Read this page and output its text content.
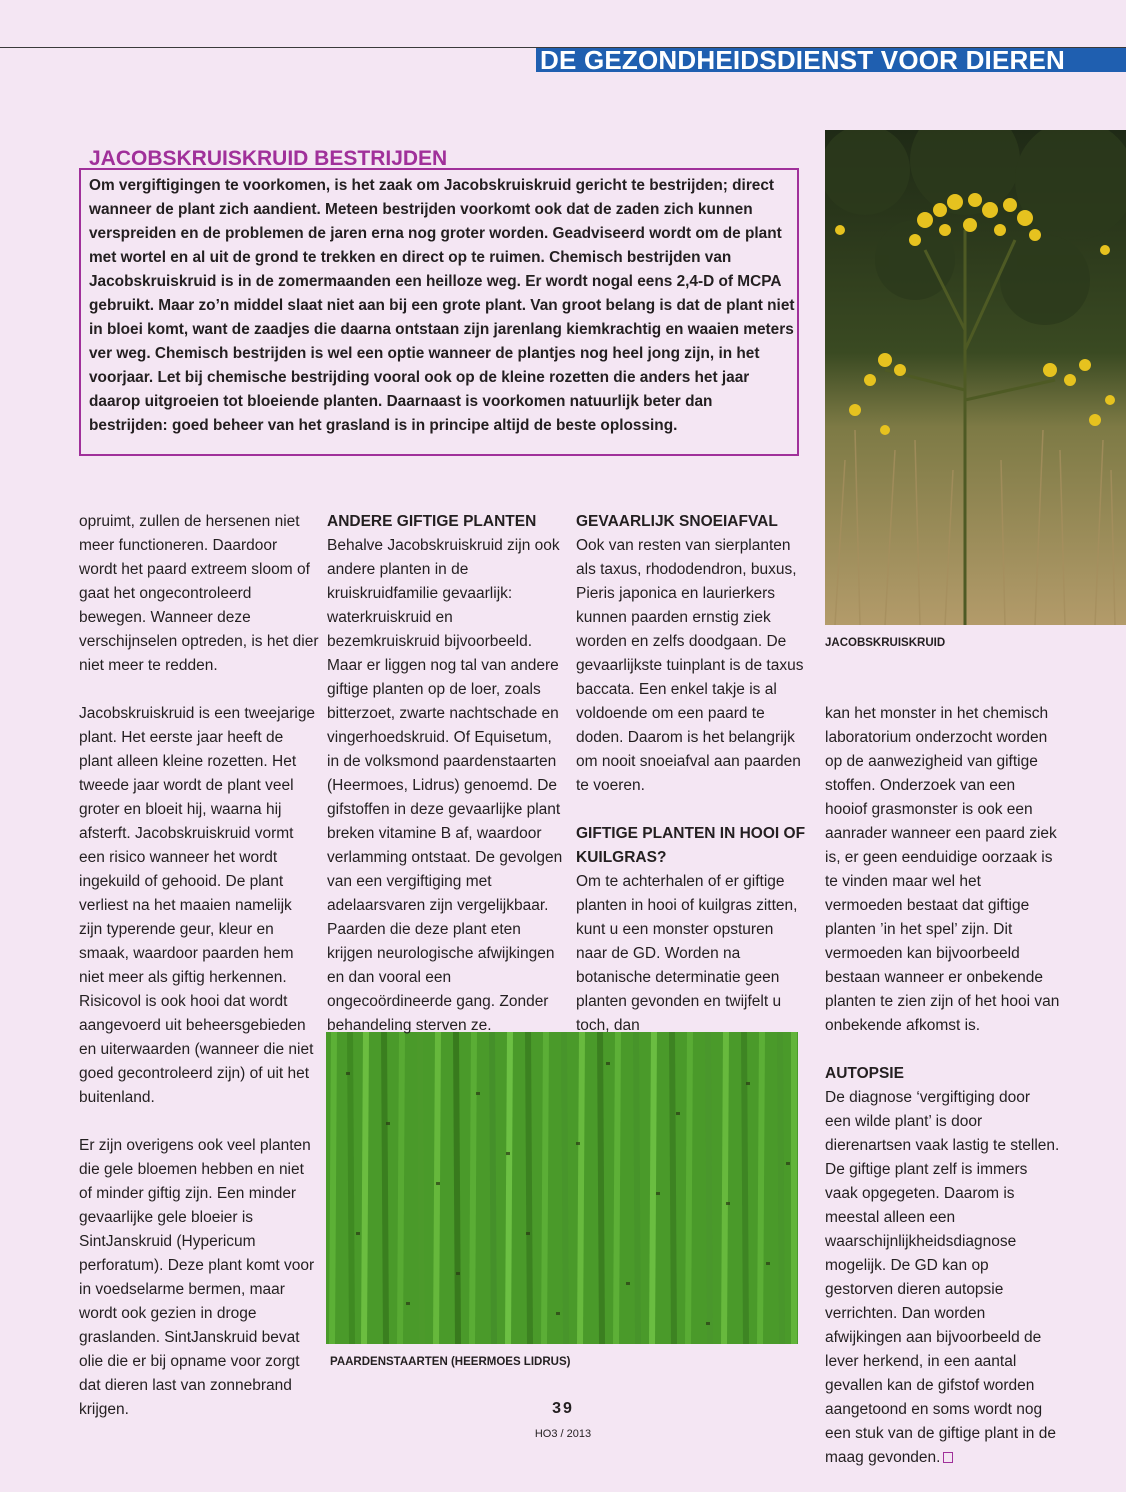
DE GEZONDHEIDSDIENST VOOR DIEREN
JACOBSKRUISKRUID BESTRIJDEN
Om vergiftigingen te voorkomen, is het zaak om Jacobskruiskruid gericht te bestrijden; direct wanneer de plant zich aandient. Meteen bestrijden voorkomt ook dat de zaden zich kunnen verspreiden en de problemen de jaren erna nog groter worden. Geadviseerd wordt om de plant met wortel en al uit de grond te trekken en direct op te ruimen. Chemisch bestrijden van Jacobskruiskruid is in de zomermaanden een heilloze weg. Er wordt nogal eens 2,4-D of MCPA gebruikt. Maar zo’n middel slaat niet aan bij een grote plant. Van groot belang is dat de plant niet in bloei komt, want de zaadjes die daarna ontstaan zijn jarenlang kiemkrachtig en waaien meters ver weg. Chemisch bestrijden is wel een optie wanneer de plantjes nog heel jong zijn, in het voorjaar. Let bij chemische bestrijding vooral ook op de kleine rozetten die anders het jaar daarop uitgroeien tot bloeiende planten. Daarnaast is voorkomen natuurlijk beter dan bestrijden: goed beheer van het grasland is in principe altijd de beste oplossing.
JACOBSKRUISKRUID
PAARDENSTAARTEN (HEERMOES LIDRUS)

opruimt, zullen de hersenen niet meer functioneren. Daardoor wordt het paard extreem sloom of gaat het ongecontroleerd bewegen. Wanneer deze verschijnselen optreden, is het dier niet meer te redden.

Jacobskruiskruid is een tweejarige plant. Het eerste jaar heeft de plant alleen kleine rozetten. Het tweede jaar wordt de plant veel groter en bloeit hij, waarna hij afsterft. Jacobskruiskruid vormt een risico wanneer het wordt ingekuild of gehooid. De plant verliest na het maaien namelijk zijn typerende geur, kleur en smaak, waardoor paarden hem niet meer als giftig herkennen. Risicovol is ook hooi dat wordt aangevoerd uit beheersgebieden en uiterwaarden (wanneer die niet goed gecontroleerd zijn) of uit het buitenland.

Er zijn overigens ook veel planten die gele bloemen hebben en niet of minder giftig zijn. Een minder gevaarlijke gele bloeier is SintJanskruid (Hypericum perforatum). Deze plant komt voor in voedselarme bermen, maar wordt ook gezien in droge graslanden. SintJanskruid bevat olie die er bij opname voor zorgt dat dieren last van zonnebrand krijgen.

ANDERE GIFTIGE PLANTEN

Behalve Jacobskruiskruid zijn ook andere planten in de kruiskruidfamilie gevaarlijk: waterkruiskruid en bezemkruiskruid bijvoorbeeld. Maar er liggen nog tal van andere giftige planten op de loer, zoals bitterzoet, zwarte nachtschade en vingerhoedskruid. Of Equisetum, in de volksmond paardenstaarten (Heermoes, Lidrus) genoemd. De gifstoffen in deze gevaarlijke plant breken vitamine B af, waardoor verlamming ontstaat. De gevolgen van een vergiftiging met adelaarsvaren zijn vergelijkbaar. Paarden die deze plant eten krijgen neurologische afwijkingen en dan vooral een ongecoördineerde gang. Zonder behandeling sterven ze.

GEVAARLIJK SNOEIAFVAL

Ook van resten van sierplanten als taxus, rhododendron, buxus, Pieris japonica en laurierkers kunnen paarden ernstig ziek worden en zelfs doodgaan. De gevaarlijkste tuinplant is de taxus baccata. Een enkel takje is al voldoende om een paard te doden. Daarom is het belangrijk om nooit snoeiafval aan paarden te voeren.

GIFTIGE PLANTEN IN HOOI OF KUILGRAS?

Om te achterhalen of er giftige planten in hooi of kuilgras zitten, kunt u een monster opsturen naar de GD. Worden na botanische determinatie geen planten gevonden en twijfelt u toch, dan

kan het monster in het chemisch laboratorium onderzocht worden op de aanwezigheid van giftige stoffen. Onderzoek van een hooiof grasmonster is ook een aanrader wanneer een paard ziek is, er geen eenduidige oorzaak is te vinden maar wel het vermoeden bestaat dat giftige planten ’in het spel’ zijn. Dit vermoeden kan bijvoorbeeld bestaan wanneer er onbekende planten te zien zijn of het hooi van onbekende afkomst is.

AUTOPSIE

De diagnose ‘vergiftiging door een wilde plant’ is door dierenartsen vaak lastig te stellen. De giftige plant zelf is immers vaak opgegeten. Daarom is meestal alleen een waarschijnlijkheidsdiagnose mogelijk. De GD kan op gestorven dieren autopsie verrichten. Dan worden afwijkingen aan bijvoorbeeld de lever herkend, in een aantal gevallen kan de gifstof worden aangetoond en soms wordt nog een stuk van de giftige plant in de maag gevonden.

39
HO3 / 2013
